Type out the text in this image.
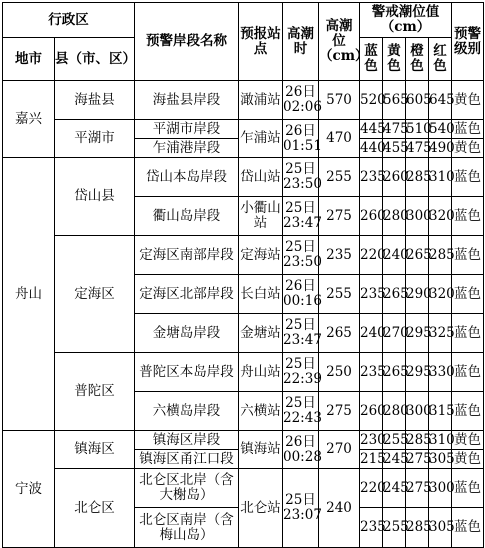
行政区		预警岸段名称	预报站点	高潮时	高潮位（cm）	警戒潮位值（cm）				预警级别
地市	县（市、区）					蓝色	黄色	橙色	红色	
嘉兴	海盐县	海盐县岸段	澉浦站	26日02:06	570	520	565	605	645	黄色
	平湖市	平湖市岸段	乍浦站	26日01:51	470	445	475	510	540	蓝色
		乍浦港岸段				440	455	475	490	黄色
舟山	岱山县	岱山本岛岸段	岱山站	25日23:50	255	235	260	285	310	蓝色
		衢山岛岸段	小衢山站	25日23:47	275	260	280	300	320	蓝色
	定海区	定海区南部岸段	定海站	25日23:50	235	220	240	265	285	蓝色
		定海区北部岸段	长白站	26日00:16	255	235	265	290	320	蓝色
		金塘岛岸段	金塘站	25日23:47	265	240	270	295	325	蓝色
	普陀区	普陀区本岛岸段	舟山站	25日22:39	250	235	265	295	330	蓝色
		六横岛岸段	六横站	25日22:43	275	260	280	300	315	蓝色
宁波	镇海区	镇海区岸段	镇海站	26日00:28	270	230	255	285	310	黄色
		镇海区甬江口段				215	245	275	305	黄色
	北仑区	北仑区北岸（含大榭岛）	北仑站	25日23:07	240	220	245	275	300	蓝色
		北仑区南岸（含梅山岛）				235	255	285	305	蓝色
